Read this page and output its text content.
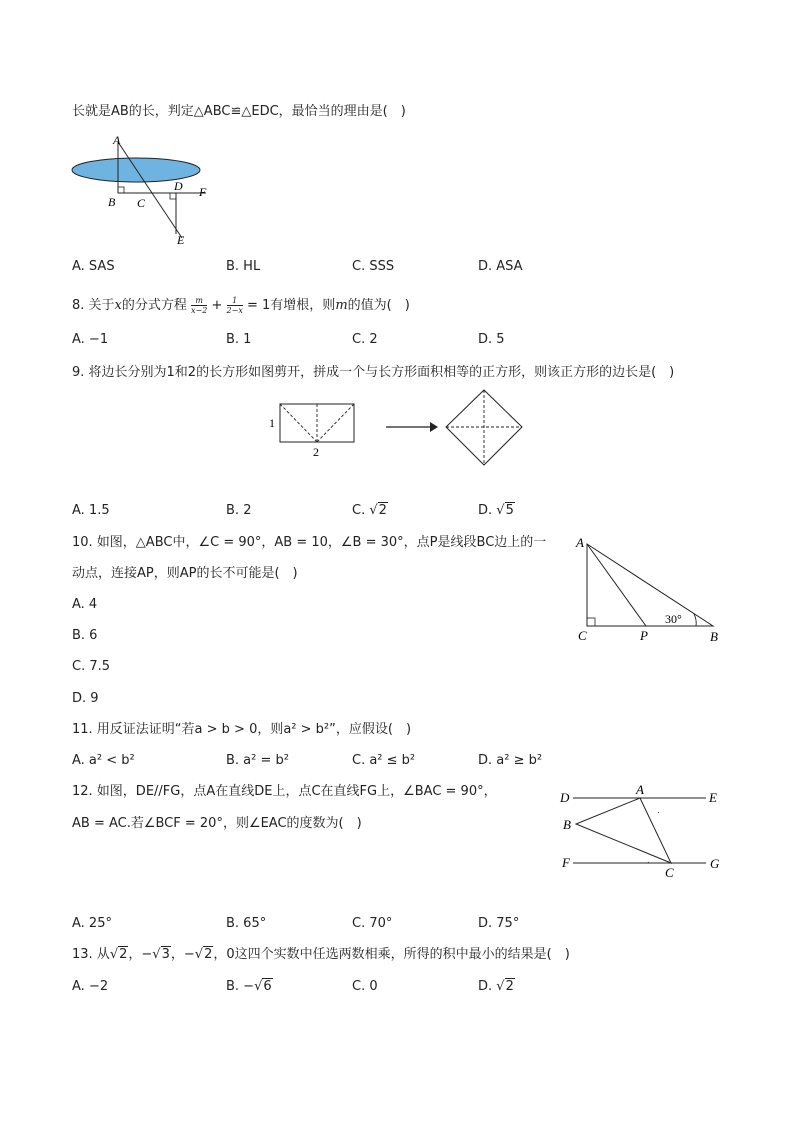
长就是AB的长，判定△ABC≌△EDC，最恰当的理由是(　)
A
B C
D F
E
A. SAS	B. HL	C. SSS	D. ASA
8. 关于x的分式方程 $\frac{m}{x-2} + \frac{1}{2-x} = 1$有增根，则m的值为(　)
A. −1	B. 1	C. 2	D. 5
9. 将边长分别为1和2的长方形如图剪开，拼成一个与长方形面积相等的正方形，则该正方形的边长是(　)
1
2
A. 1.5	B. 2	C. √2	D. √5
10. 如图，△ABC中，∠C = 90°，AB = 10，∠B = 30°，点P是线段BC边上的一
动点，连接AP，则AP的长不可能是(　)
A. 4
B. 6
C. 7.5
D. 9
A
C	P	B
30°
11. 用反证法证明“若a > b > 0，则a² > b²”，应假设(　)
A. a² < b²	B. a² = b²	C. a² ≤ b²	D. a² ≥ b²
12. 如图，DE//FG，点A在直线DE上，点C在直线FG上，∠BAC = 90°，
AB = AC.若∠BCF = 20°，则∠EAC的度数为(　)
D
A
E
B
F
C
G
A. 25°	B. 65°	C. 70°	D. 75°
13. 从√2，−√3，−√2，0这四个实数中任选两数相乘，所得的积中最小的结果是(　)
A. −2	B. −√6	C. 0	D. √2
